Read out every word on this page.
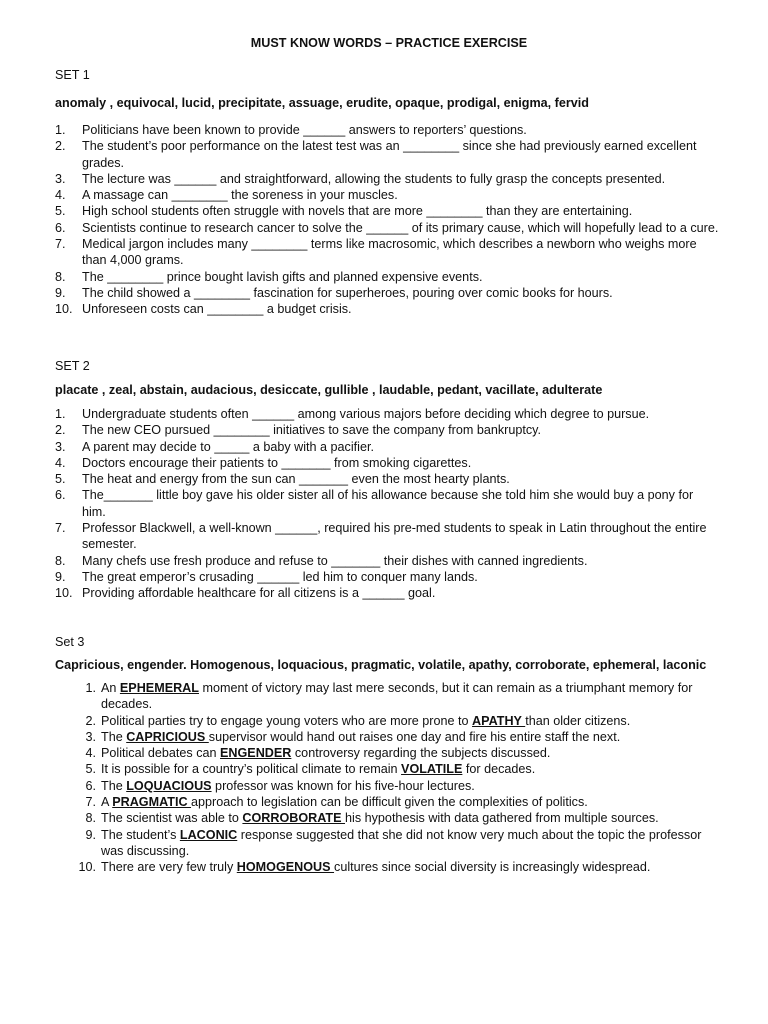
MUST KNOW WORDS – PRACTICE EXERCISE
SET 1
anomaly , equivocal, lucid, precipitate, assuage, erudite, opaque, prodigal, enigma, fervid
1. Politicians have been known to provide ______ answers to reporters’ questions.
2. The student’s poor performance on the latest test was an ________ since she had previously earned excellent grades.
3. The lecture was ______ and straightforward, allowing the students to fully grasp the concepts presented.
4. A massage can ________ the soreness in your muscles.
5. High school students often struggle with novels that are more ________ than they are entertaining.
6. Scientists continue to research cancer to solve the ______ of its primary cause, which will hopefully lead to a cure.
7. Medical jargon includes many ________ terms like macrosomic, which describes a newborn who weighs more than 4,000 grams.
8. The ________ prince bought lavish gifts and planned expensive events.
9. The child showed a ________ fascination for superheroes, pouring over comic books for hours.
10. Unforeseen costs can ________ a budget crisis.
SET 2
placate , zeal, abstain, audacious, desiccate, gullible , laudable, pedant, vacillate, adulterate
1. Undergraduate students often ______ among various majors before deciding which degree to pursue.
2. The new CEO pursued ________ initiatives to save the company from bankruptcy.
3. A parent may decide to _____ a baby with a pacifier.
4. Doctors encourage their patients to _______ from smoking cigarettes.
5. The heat and energy from the sun can _______ even the most hearty plants.
6. The_______ little boy gave his older sister all of his allowance because she told him she would buy a pony for him.
7. Professor Blackwell, a well-known ______, required his pre-med students to speak in Latin throughout the entire semester.
8. Many chefs use fresh produce and refuse to _______ their dishes with canned ingredients.
9. The great emperor’s crusading ______ led him to conquer many lands.
10. Providing affordable healthcare for all citizens is a ______ goal.
Set 3
Capricious, engender. Homogenous, loquacious, pragmatic, volatile, apathy, corroborate, ephemeral, laconic
1. An EPHEMERAL moment of victory may last mere seconds, but it can remain as a triumphant memory for decades.
2. Political parties try to engage young voters who are more prone to APATHY than older citizens.
3. The CAPRICIOUS supervisor would hand out raises one day and fire his entire staff the next.
4. Political debates can ENGENDER controversy regarding the subjects discussed.
5. It is possible for a country’s political climate to remain VOLATILE for decades.
6. The LOQUACIOUS professor was known for his five-hour lectures.
7. A PRAGMATIC approach to legislation can be difficult given the complexities of politics.
8. The scientist was able to CORROBORATE his hypothesis with data gathered from multiple sources.
9. The student’s LACONIC response suggested that she did not know very much about the topic the professor was discussing.
10. There are very few truly HOMOGENOUS cultures since social diversity is increasingly widespread.
